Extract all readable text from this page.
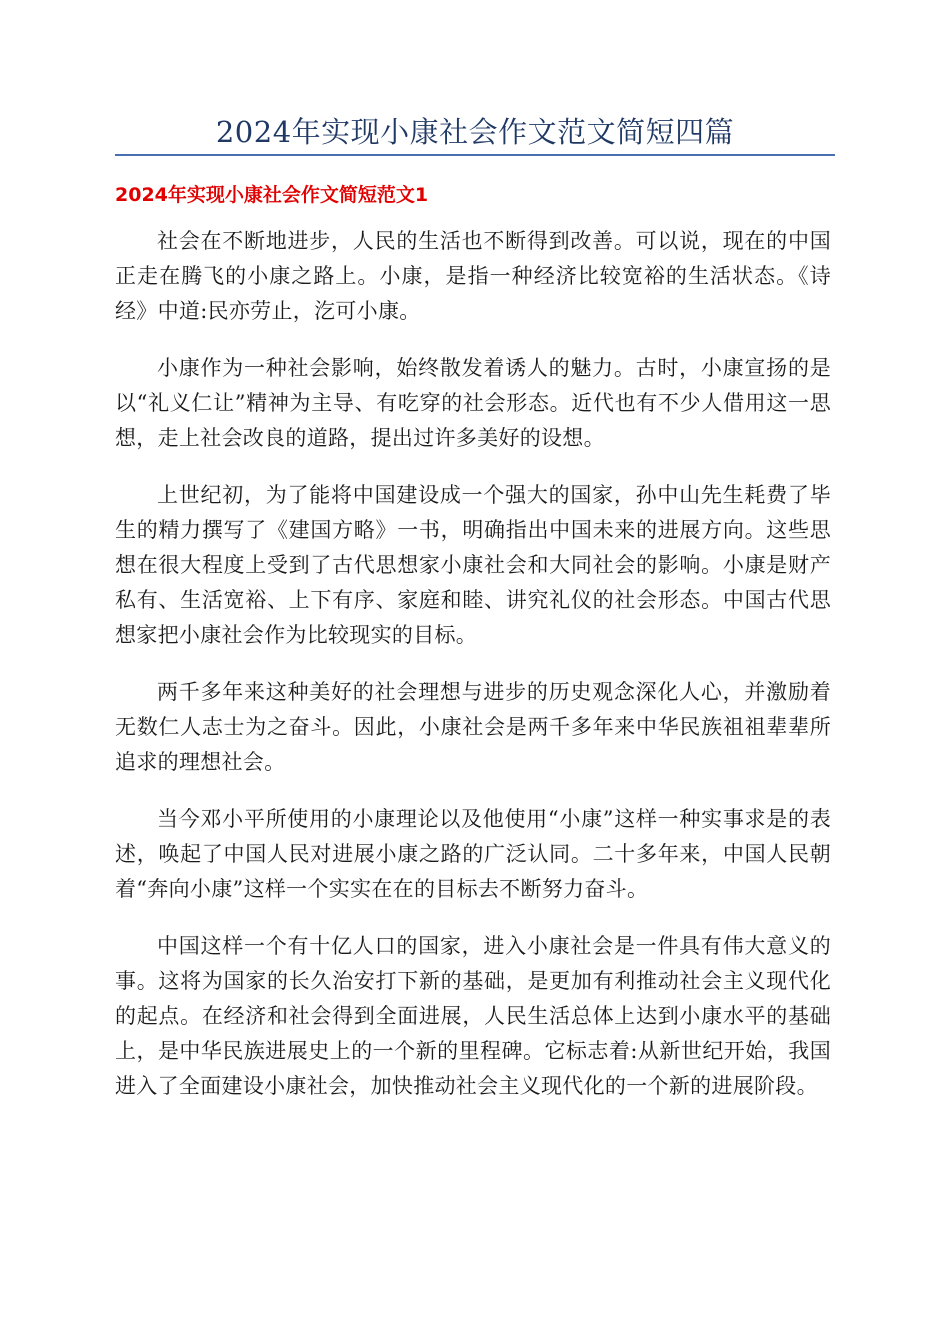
2024年实现小康社会作文范文简短四篇
2024年实现小康社会作文简短范文1

社会在不断地进步，人民的生活也不断得到改善。可以说，现在的中国正走在腾飞的小康之路上。小康，是指一种经济比较宽裕的生活状态。《诗经》中道:民亦劳止，汔可小康。

小康作为一种社会影响，始终散发着诱人的魅力。古时，小康宣扬的是以“礼义仁让”精神为主导、有吃穿的社会形态。近代也有不少人借用这一思想，走上社会改良的道路，提出过许多美好的设想。

上世纪初，为了能将中国建设成一个强大的国家，孙中山先生耗费了毕生的精力撰写了《建国方略》一书，明确指出中国未来的进展方向。这些思想在很大程度上受到了古代思想家小康社会和大同社会的影响。小康是财产私有、生活宽裕、上下有序、家庭和睦、讲究礼仪的社会形态。中国古代思想家把小康社会作为比较现实的目标。

两千多年来这种美好的社会理想与进步的历史观念深化人心，并激励着无数仁人志士为之奋斗。因此，小康社会是两千多年来中华民族祖祖辈辈所追求的理想社会。

当今邓小平所使用的小康理论以及他使用“小康”这样一种实事求是的表述，唤起了中国人民对进展小康之路的广泛认同。二十多年来，中国人民朝着“奔向小康”这样一个实实在在的目标去不断努力奋斗。

中国这样一个有十亿人口的国家，进入小康社会是一件具有伟大意义的事。这将为国家的长久治安打下新的基础，是更加有利推动社会主义现代化的起点。在经济和社会得到全面进展，人民生活总体上达到小康水平的基础上，是中华民族进展史上的一个新的里程碑。它标志着:从新世纪开始，我国进入了全面建设小康社会，加快推动社会主义现代化的一个新的进展阶段。
